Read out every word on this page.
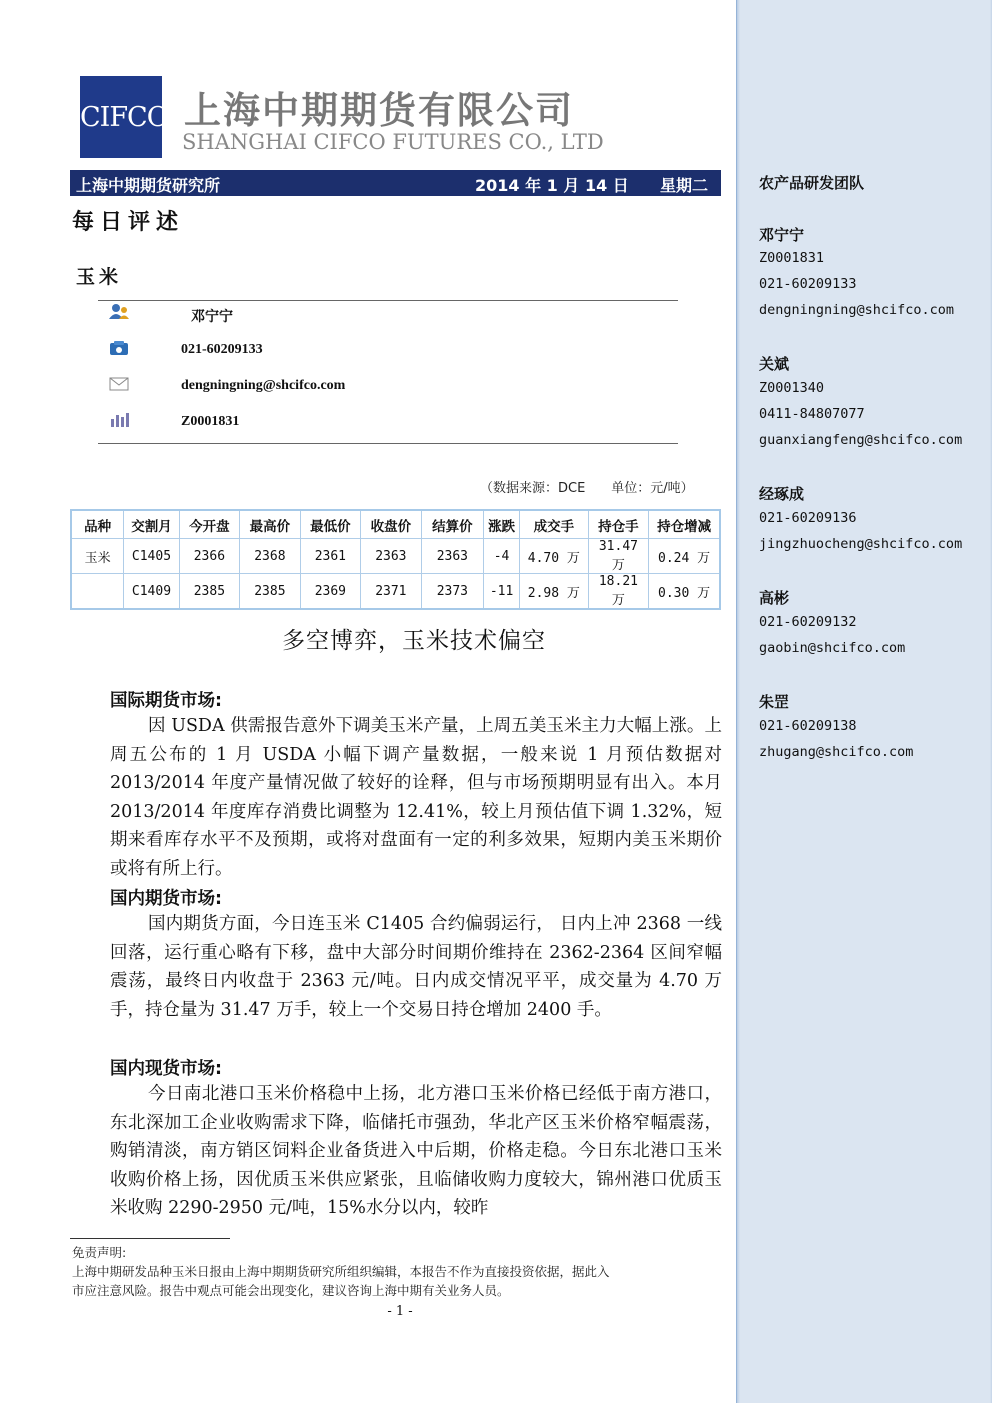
农产品研发团队
邓宁宁
Z0001831
021-60209133
dengningning@shcifco.com
关斌
Z0001340
0411-84807077
guanxiangfeng@shcifco.com
经琢成
021-60209136
jingzhuocheng@shcifco.com
高彬
021-60209132
gaobin@shcifco.com
朱罡
021-60209138
zhugang@shcifco.com
CIFCO 上海中期期货有限公司
SHANGHAI CIFCO FUTURES CO., LTD
上海中期期货研究所	2014 年 1 月 14 日 星期二
每日评述
玉米
邓宁宁
021-60209133
dengningning@shcifco.com
Z0001831
（数据来源：DCE　　单位：元/吨）
品种	交割月	今开盘	最高价	最低价	收盘价	结算价	涨跌	成交手	持仓手	持仓增减
玉米	C1405	2366	2368	2361	2363	2363	-4	4.70 万	31.47 万	0.24 万
	C1409	2385	2385	2369	2371	2373	-11	2.98 万	18.21 万	0.30 万
多空博弈，玉米技术偏空
国际期货市场:
因 USDA 供需报告意外下调美玉米产量，上周五美玉米主力大幅上涨。上周五公布的 1 月 USDA 小幅下调产量数据，一般来说 1 月预估数据对 2013/2014 年度产量情况做了较好的诠释，但与市场预期明显有出入。本月 2013/2014 年度库存消费比调整为 12.41%，较上月预估值下调 1.32%，短期来看库存水平不及预期，或将对盘面有一定的利多效果，短期内美玉米期价或将有所上行。
国内期货市场:
国内期货方面，今日连玉米 C1405 合约偏弱运行， 日内上冲 2368 一线回落，运行重心略有下移，盘中大部分时间期价维持在 2362-2364 区间窄幅震荡，最终日内收盘于 2363 元/吨。日内成交情况平平，成交量为 4.70 万手，持仓量为 31.47 万手，较上一个交易日持仓增加 2400 手。
国内现货市场:
今日南北港口玉米价格稳中上扬，北方港口玉米价格已经低于南方港口，东北深加工企业收购需求下降，临储托市强劲，华北产区玉米价格窄幅震荡，购销清淡，南方销区饲料企业备货进入中后期，价格走稳。今日东北港口玉米收购价格上扬，因优质玉米供应紧张，且临储收购力度较大，锦州港口优质玉米收购 2290-2950 元/吨，15%水分以内，较昨
免责声明:
上海中期研发品种玉米日报由上海中期期货研究所组织编辑，本报告不作为直接投资依据，据此入
市应注意风险。报告中观点可能会出现变化，建议咨询上海中期有关业务人员。
- 1 -
